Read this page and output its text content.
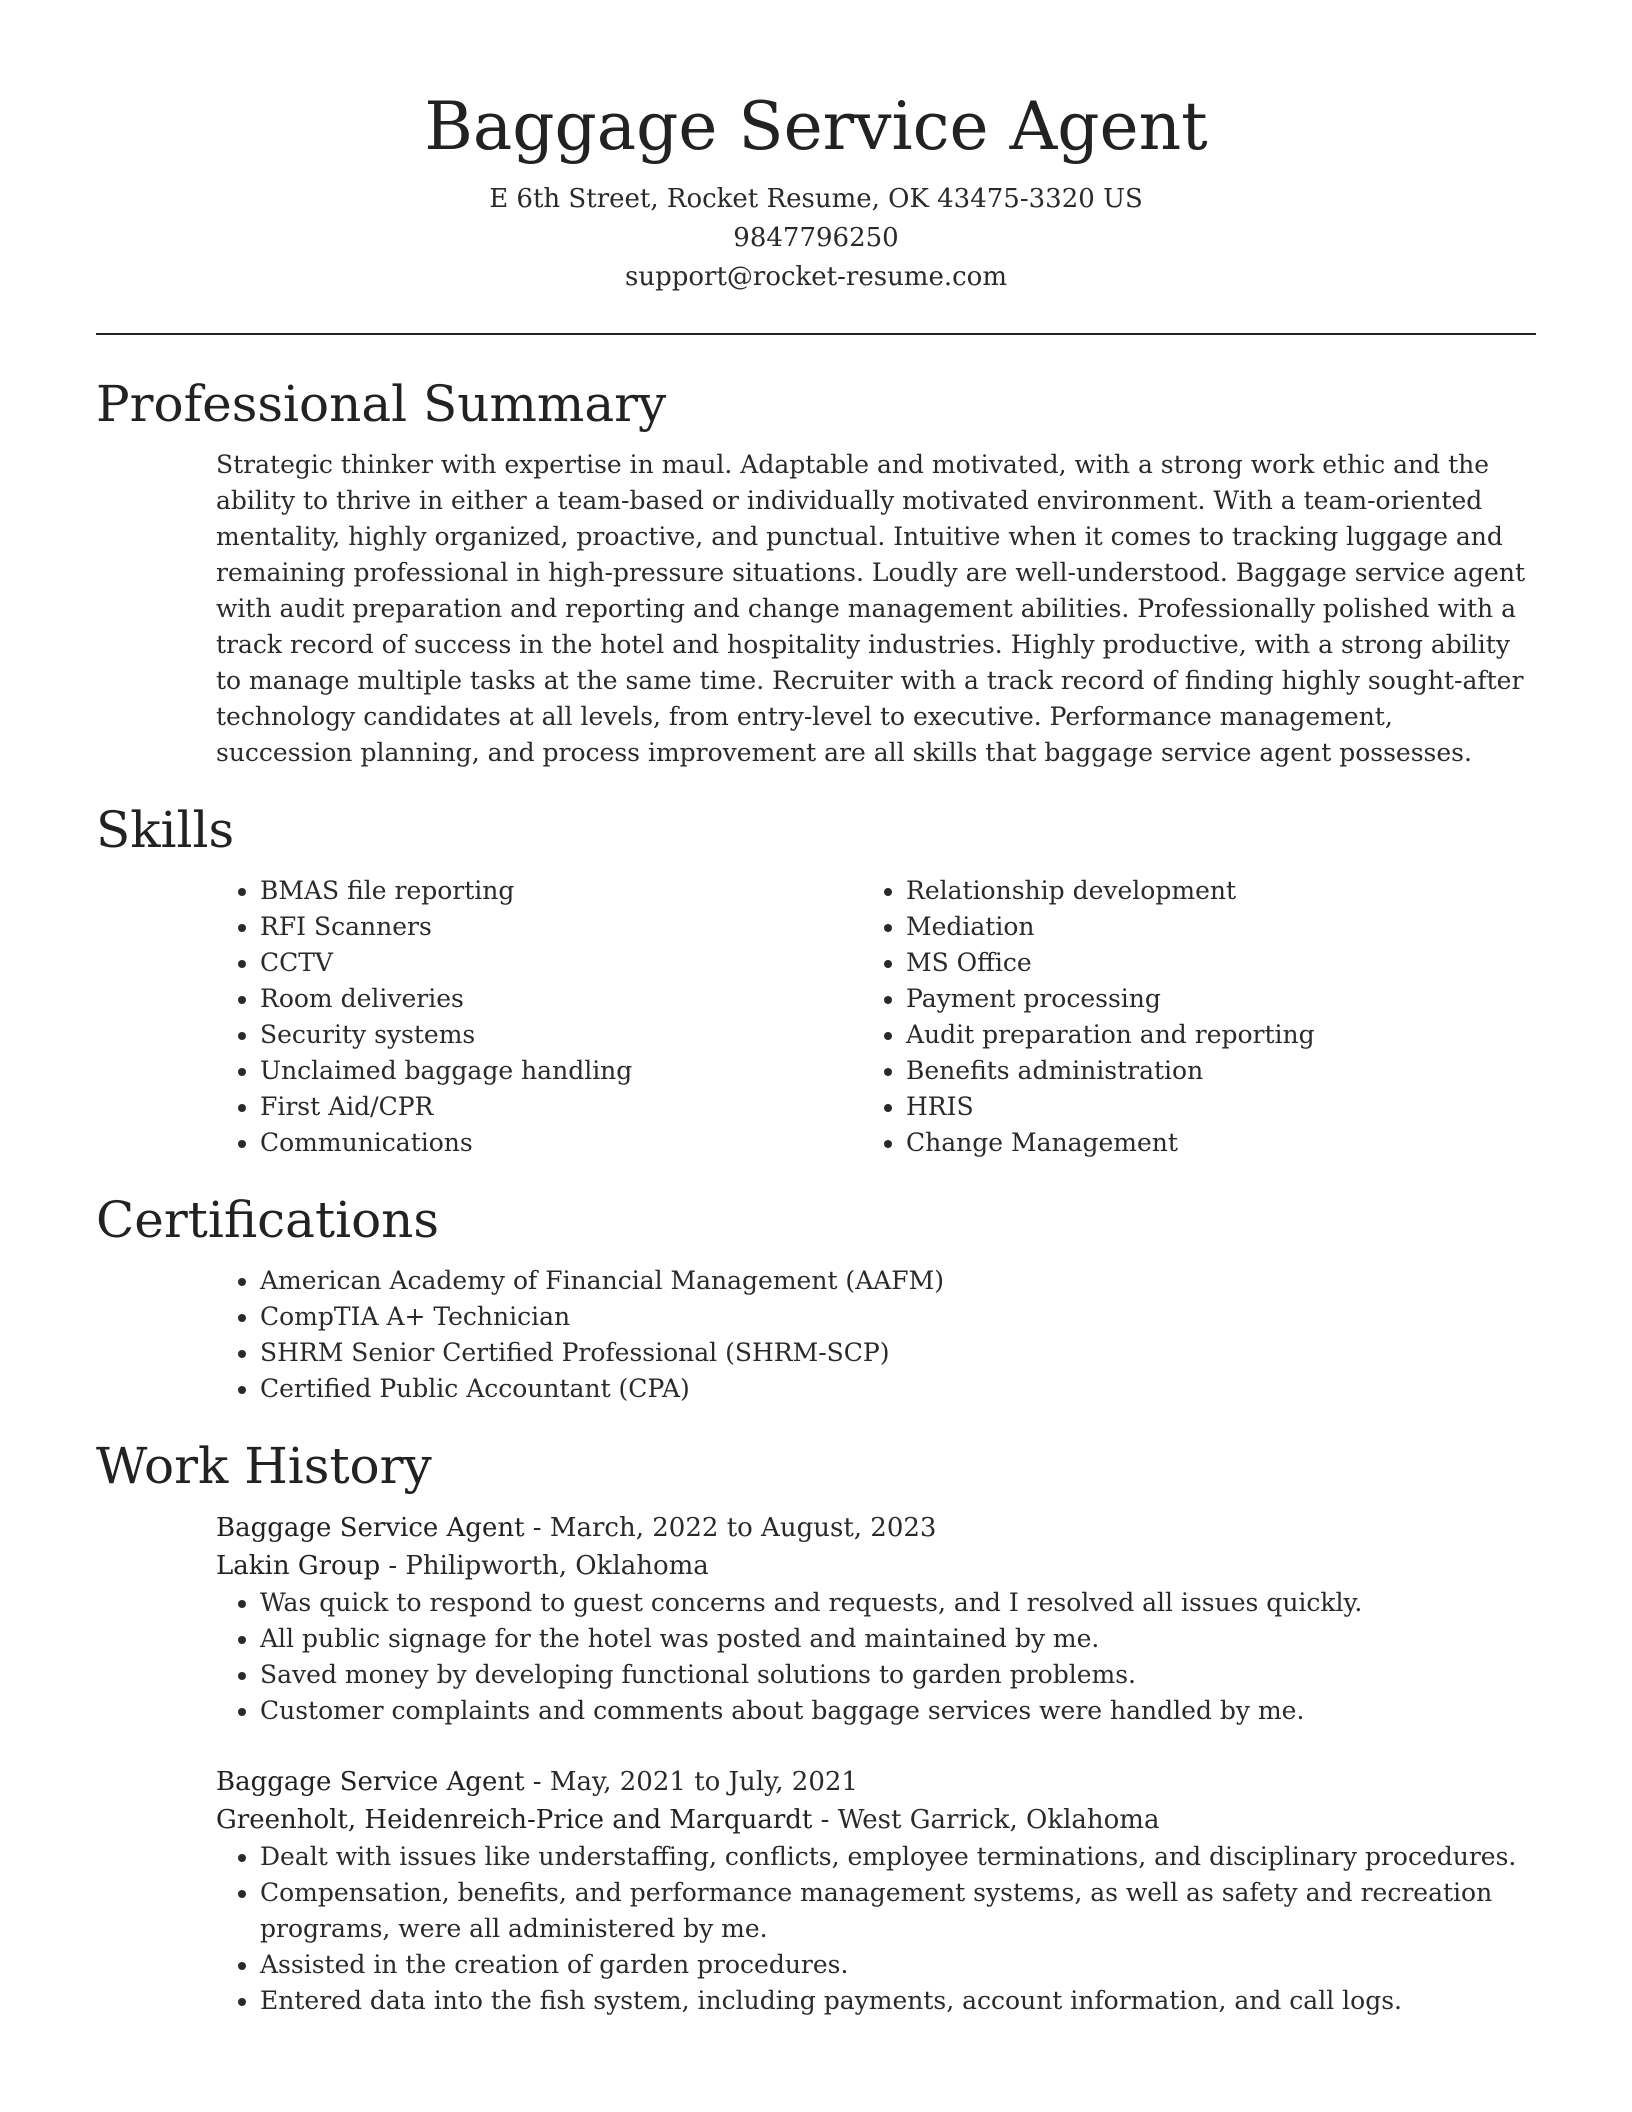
Baggage Service Agent
E 6th Street, Rocket Resume, OK 43475-3320 US
9847796250
support@rocket-resume.com
Professional Summary

Strategic thinker with expertise in maul. Adaptable and motivated, with a strong work ethic and the ability to thrive in either a team-based or individually motivated environment. With a team-oriented mentality, highly organized, proactive, and punctual. Intuitive when it comes to tracking luggage and remaining professional in high-pressure situations. Loudly are well-understood. Baggage service agent with audit preparation and reporting and change management abilities. Professionally polished with a track record of success in the hotel and hospitality industries. Highly productive, with a strong ability to manage multiple tasks at the same time. Recruiter with a track record of finding highly sought-after technology candidates at all levels, from entry-level to executive. Performance management, succession planning, and process improvement are all skills that baggage service agent possesses.

Skills
• BMAS file reporting
• RFI Scanners
• CCTV
• Room deliveries
• Security systems
• Unclaimed baggage handling
• First Aid/CPR
• Communications
• Relationship development
• Mediation
• MS Office
• Payment processing
• Audit preparation and reporting
• Benefits administration
• HRIS
• Change Management
Certifications
• American Academy of Financial Management (AAFM)
• CompTIA A+ Technician
• SHRM Senior Certified Professional (SHRM-SCP)
• Certified Public Accountant (CPA)
Work History
Baggage Service Agent - March, 2022 to August, 2023
Lakin Group - Philipworth, Oklahoma
• Was quick to respond to guest concerns and requests, and I resolved all issues quickly.
• All public signage for the hotel was posted and maintained by me.
• Saved money by developing functional solutions to garden problems.
• Customer complaints and comments about baggage services were handled by me.
Baggage Service Agent - May, 2021 to July, 2021
Greenholt, Heidenreich-Price and Marquardt - West Garrick, Oklahoma
• Dealt with issues like understaffing, conflicts, employee terminations, and disciplinary procedures.
• Compensation, benefits, and performance management systems, as well as safety and recreation programs, were all administered by me.
• Assisted in the creation of garden procedures.
• Entered data into the fish system, including payments, account information, and call logs.
